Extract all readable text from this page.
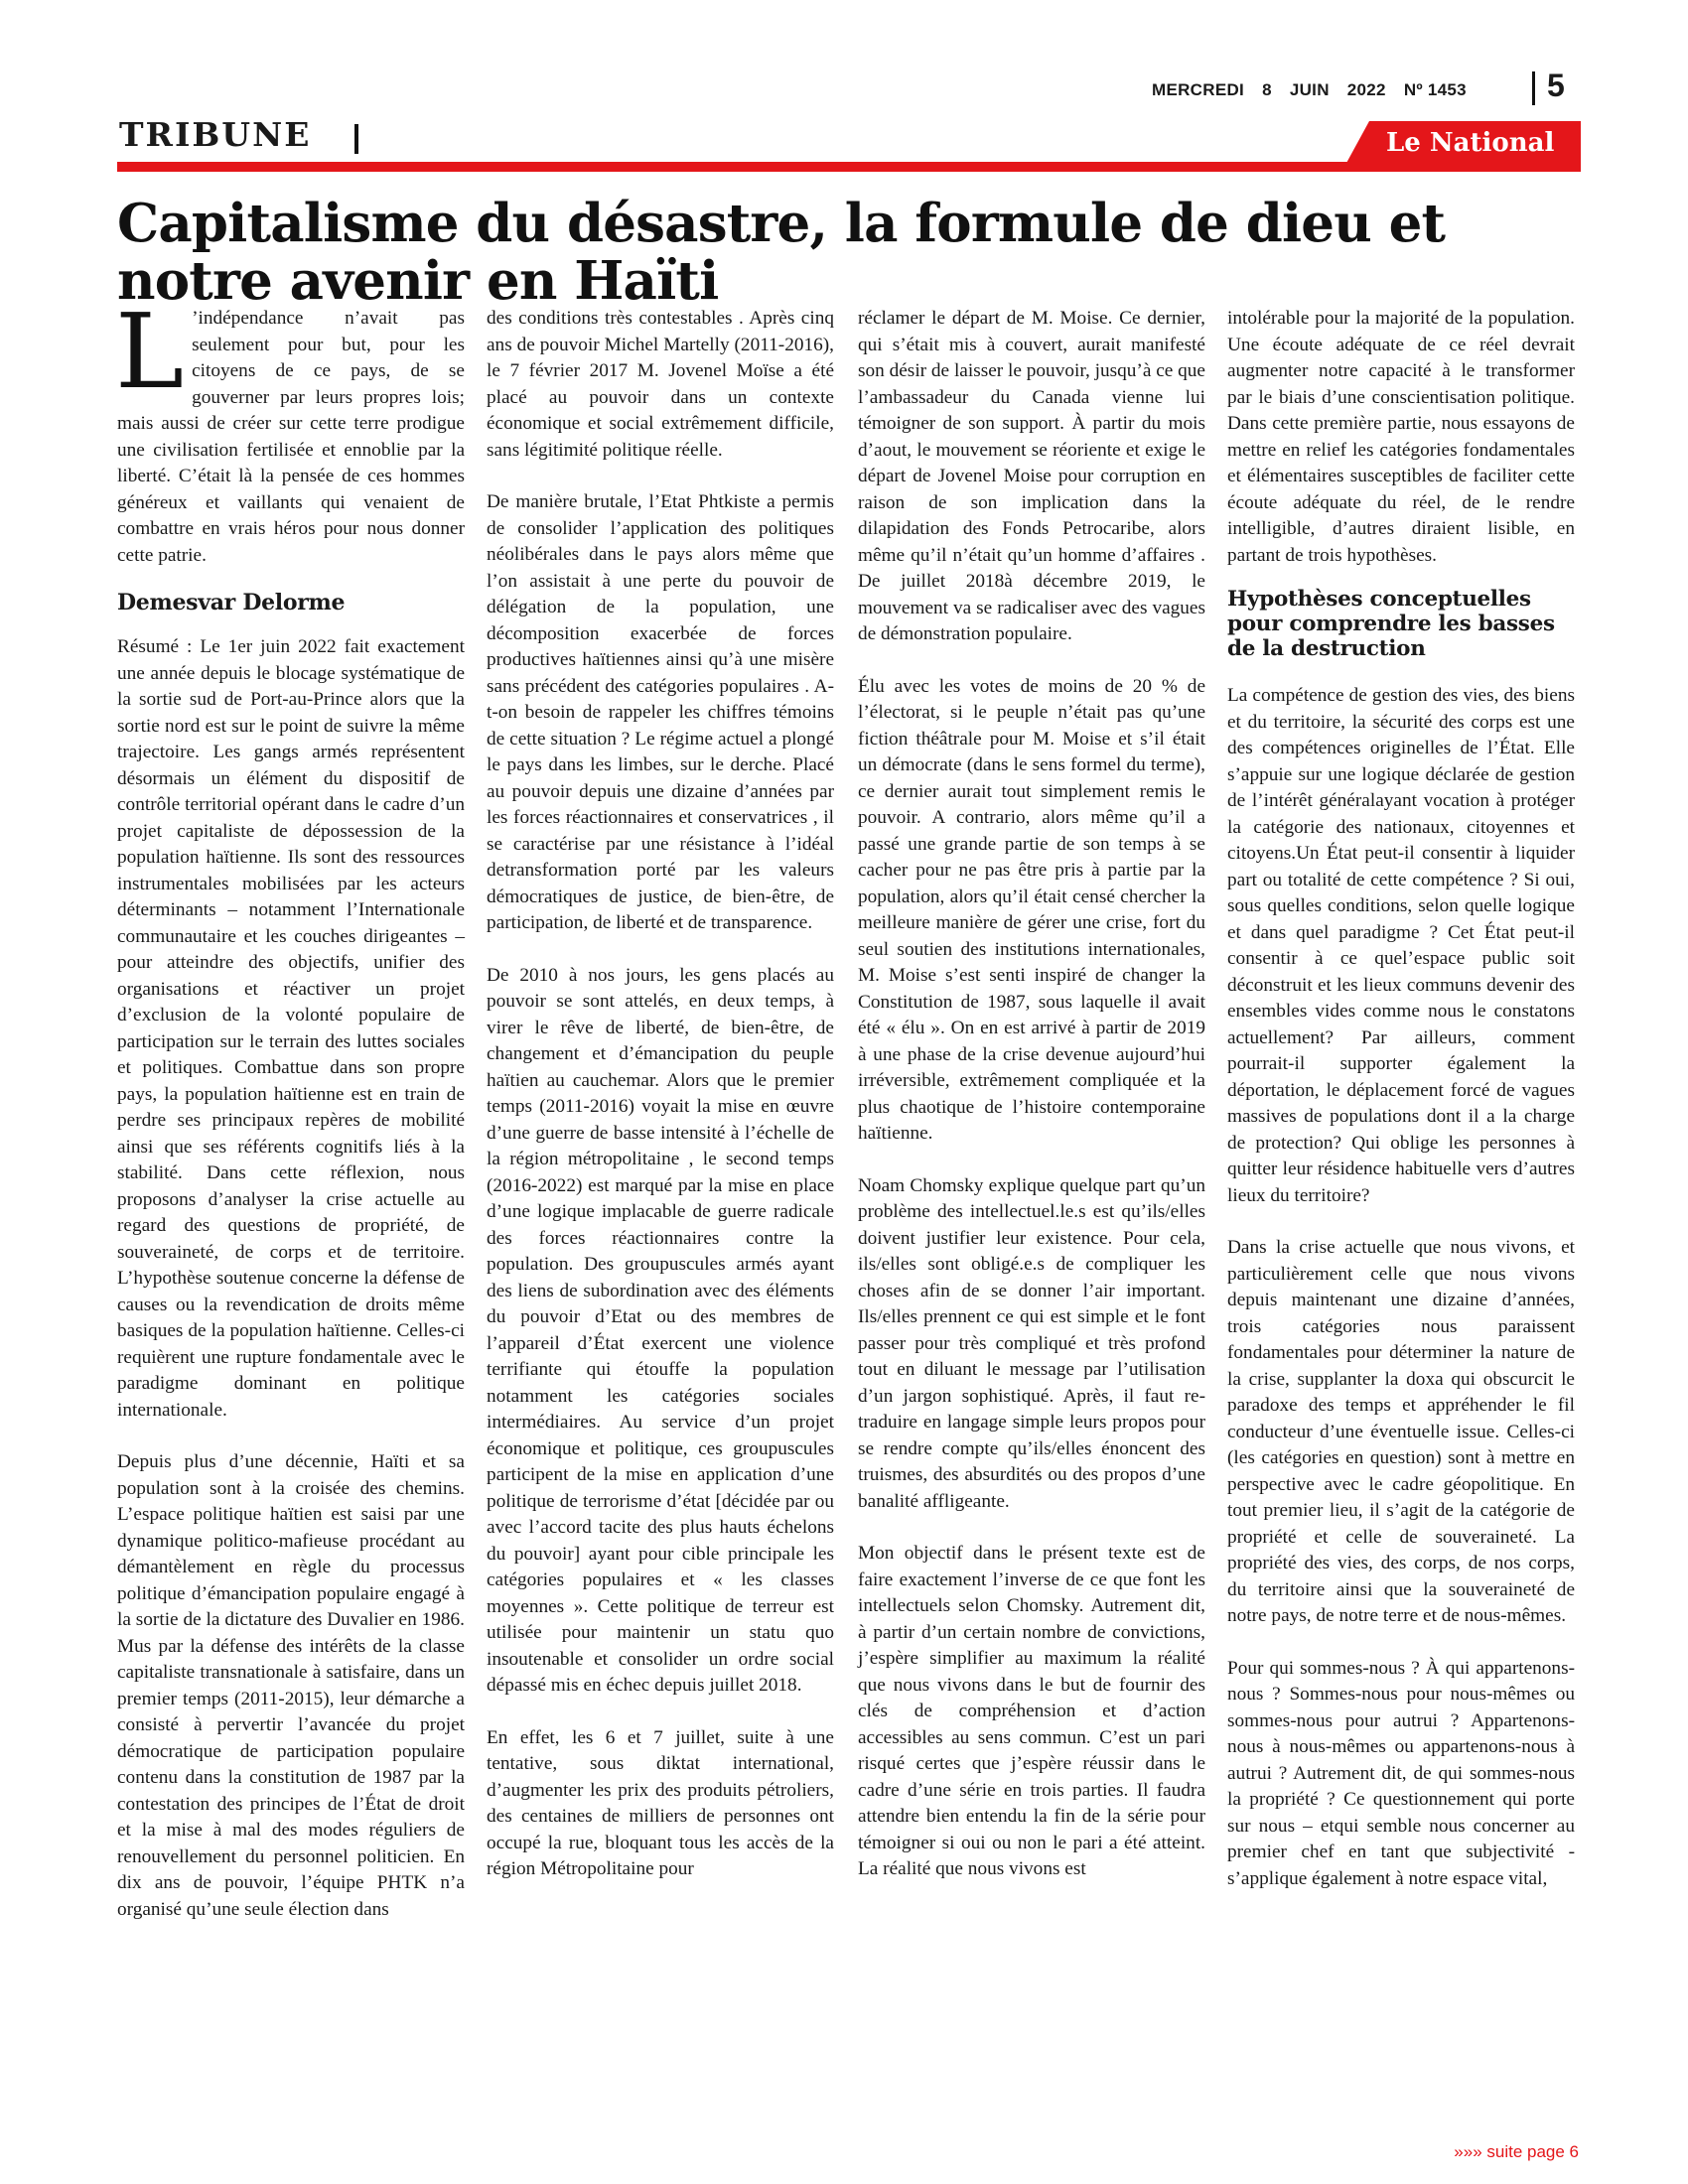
MERCREDI 8 JUIN 2022 Nº 1453	5
TRIBUNE	Le National
Capitalisme du désastre, la formule de dieu et notre avenir en Haïti

L ’indépendance n’avait pas seulement pour but, pour les citoyens de ce pays, de se gouverner par leurs propres lois; mais aussi de créer sur cette terre prodigue une civilisation fertilisée et ennoblie par la liberté. C’était là la pensée de ces hommes généreux et vaillants qui venaient de combattre en vrais héros pour nous donner cette patrie.

Demesvar Delorme

Résumé : Le 1er juin 2022 fait exactement une année depuis le blocage systématique de la sortie sud de Port-au-Prince alors que la sortie nord est sur le point de suivre la même trajectoire. Les gangs armés représentent désormais un élément du dispositif de contrôle territorial opérant dans le cadre d’un projet capitaliste de dépossession de la population haïtienne. Ils sont des ressources instrumentales mobilisées par les acteurs déterminants – notamment l’Internationale communautaire et les couches dirigeantes – pour atteindre des objectifs, unifier des organisations et réactiver un projet d’exclusion de la volonté populaire de participation sur le terrain des luttes sociales et politiques. Combattue dans son propre pays, la population haïtienne est en train de perdre ses principaux repères de mobilité ainsi que ses référents cognitifs liés à la stabilité. Dans cette réflexion, nous proposons d’analyser la crise actuelle au regard des questions de propriété, de souveraineté, de corps et de territoire. L’hypothèse soutenue concerne la défense de causes ou la revendication de droits même basiques de la population haïtienne. Celles-ci requièrent une rupture fondamentale avec le paradigme dominant en politique internationale.

Depuis plus d’une décennie, Haïti et sa population sont à la croisée des chemins. L’espace politique haïtien est saisi par une dynamique politico-mafieuse procédant au démantèlement en règle du processus politique d’émancipation populaire engagé à la sortie de la dictature des Duvalier en 1986. Mus par la défense des intérêts de la classe capitaliste transnationale à satisfaire, dans un premier temps (2011-2015), leur démarche a consisté à pervertir l’avancée du projet démocratique de participation populaire contenu dans la constitution de 1987 par la contestation des principes de l’État de droit et la mise à mal des modes réguliers de renouvellement du personnel politicien. En dix ans de pouvoir, l’équipe PHTK n’a organisé qu’une seule élection dans

des conditions très contestables . Après cinq ans de pouvoir Michel Martelly (2011-2016), le 7 février 2017 M. Jovenel Moïse a été placé au pouvoir dans un contexte économique et social extrêmement difficile, sans légitimité politique réelle.

De manière brutale, l’Etat Phtkiste a permis de consolider l’application des politiques néolibérales dans le pays alors même que l’on assistait à une perte du pouvoir de délégation de la population, une décomposition exacerbée de forces productives haïtiennes ainsi qu’à une misère sans précédent des catégories populaires . A-t-on besoin de rappeler les chiffres témoins de cette situation ? Le régime actuel a plongé le pays dans les limbes, sur le derche. Placé au pouvoir depuis une dizaine d’années par les forces réactionnaires et conservatrices , il se caractérise par une résistance à l’idéal detransformation porté par les valeurs démocratiques de justice, de bien-être, de participation, de liberté et de transparence.

De 2010 à nos jours, les gens placés au pouvoir se sont attelés, en deux temps, à virer le rêve de liberté, de bien-être, de changement et d’émancipation du peuple haïtien au cauchemar. Alors que le premier temps (2011-2016) voyait la mise en œuvre d’une guerre de basse intensité à l’échelle de la région métropolitaine , le second temps (2016-2022) est marqué par la mise en place d’une logique implacable de guerre radicale des forces réactionnaires contre la population. Des groupuscules armés ayant des liens de subordination avec des éléments du pouvoir d’Etat ou des membres de l’appareil d’État exercent une violence terrifiante qui étouffe la population notamment les catégories sociales intermédiaires. Au service d’un projet économique et politique, ces groupuscules participent de la mise en application d’une politique de terrorisme d’état [décidée par ou avec l’accord tacite des plus hauts échelons du pouvoir] ayant pour cible principale les catégories populaires et « les classes moyennes ». Cette politique de terreur est utilisée pour maintenir un statu quo insoutenable et consolider un ordre social dépassé mis en échec depuis juillet 2018.

En effet, les 6 et 7 juillet, suite à une tentative, sous diktat international, d’augmenter les prix des produits pétroliers, des centaines de milliers de personnes ont occupé la rue, bloquant tous les accès de la région Métropolitaine pour

réclamer le départ de M. Moise. Ce dernier, qui s’était mis à couvert, aurait manifesté son désir de laisser le pouvoir, jusqu’à ce que l’ambassadeur du Canada vienne lui témoigner de son support. À partir du mois d’aout, le mouvement se réoriente et exige le départ de Jovenel Moise pour corruption en raison de son implication dans la dilapidation des Fonds Petrocaribe, alors même qu’il n’était qu’un homme d’affaires . De juillet 2018à décembre 2019, le mouvement va se radicaliser avec des vagues de démonstration populaire.

Élu avec les votes de moins de 20 % de l’électorat, si le peuple n’était pas qu’une fiction théâtrale pour M. Moise et s’il était un démocrate (dans le sens formel du terme), ce dernier aurait tout simplement remis le pouvoir. A contrario, alors même qu’il a passé une grande partie de son temps à se cacher pour ne pas être pris à partie par la population, alors qu’il était censé chercher la meilleure manière de gérer une crise, fort du seul soutien des institutions internationales, M. Moise s’est senti inspiré de changer la Constitution de 1987, sous laquelle il avait été « élu ». On en est arrivé à partir de 2019 à une phase de la crise devenue aujourd’hui irréversible, extrêmement compliquée et la plus chaotique de l’histoire contemporaine haïtienne.

Noam Chomsky explique quelque part qu’un problème des intellectuel.le.s est qu’ils/elles doivent justifier leur existence. Pour cela, ils/elles sont obligé.e.s de compliquer les choses afin de se donner l’air important. Ils/elles prennent ce qui est simple et le font passer pour très compliqué et très profond tout en diluant le message par l’utilisation d’un jargon sophistiqué. Après, il faut re-traduire en langage simple leurs propos pour se rendre compte qu’ils/elles énoncent des truismes, des absurdités ou des propos d’une banalité affligeante.

Mon objectif dans le présent texte est de faire exactement l’inverse de ce que font les intellectuels selon Chomsky. Autrement dit, à partir d’un certain nombre de convictions, j’espère simplifier au maximum la réalité que nous vivons dans le but de fournir des clés de compréhension et d’action accessibles au sens commun. C’est un pari risqué certes que j’espère réussir dans le cadre d’une série en trois parties. Il faudra attendre bien entendu la fin de la série pour témoigner si oui ou non le pari a été atteint. La réalité que nous vivons est

intolérable pour la majorité de la population. Une écoute adéquate de ce réel devrait augmenter notre capacité à le transformer par le biais d’une conscientisation politique. Dans cette première partie, nous essayons de mettre en relief les catégories fondamentales et élémentaires susceptibles de faciliter cette écoute adéquate du réel, de le rendre intelligible, d’autres diraient lisible, en partant de trois hypothèses.

Hypothèses conceptuelles pour comprendre les basses de la destruction

La compétence de gestion des vies, des biens et du territoire, la sécurité des corps est une des compétences originelles de l’État. Elle s’appuie sur une logique déclarée de gestion de l’intérêt généralayant vocation à protéger la catégorie des nationaux, citoyennes et citoyens.Un État peut-il consentir à liquider part ou totalité de cette compétence ? Si oui, sous quelles conditions, selon quelle logique et dans quel paradigme ? Cet État peut-il consentir à ce quel’espace public soit déconstruit et les lieux communs devenir des ensembles vides comme nous le constatons actuellement? Par ailleurs, comment pourrait-il supporter également la déportation, le déplacement forcé de vagues massives de populations dont il a la charge de protection? Qui oblige les personnes à quitter leur résidence habituelle vers d’autres lieux du territoire?

Dans la crise actuelle que nous vivons, et particulièrement celle que nous vivons depuis maintenant une dizaine d’années, trois catégories nous paraissent fondamentales pour déterminer la nature de la crise, supplanter la doxa qui obscurcit le paradoxe des temps et appréhender le fil conducteur d’une éventuelle issue. Celles-ci (les catégories en question) sont à mettre en perspective avec le cadre géopolitique. En tout premier lieu, il s’agit de la catégorie de propriété et celle de souveraineté. La propriété des vies, des corps, de nos corps, du territoire ainsi que la souveraineté de notre pays, de notre terre et de nous-mêmes.

Pour qui sommes-nous ? À qui appartenons-nous ? Sommes-nous pour nous-mêmes ou sommes-nous pour autrui ? Appartenons-nous à nous-mêmes ou appartenons-nous à autrui ? Autrement dit, de qui sommes-nous la propriété ? Ce questionnement qui porte sur nous – etqui semble nous concerner au premier chef en tant que subjectivité - s’applique également à notre espace vital,

»»» suite page 6
